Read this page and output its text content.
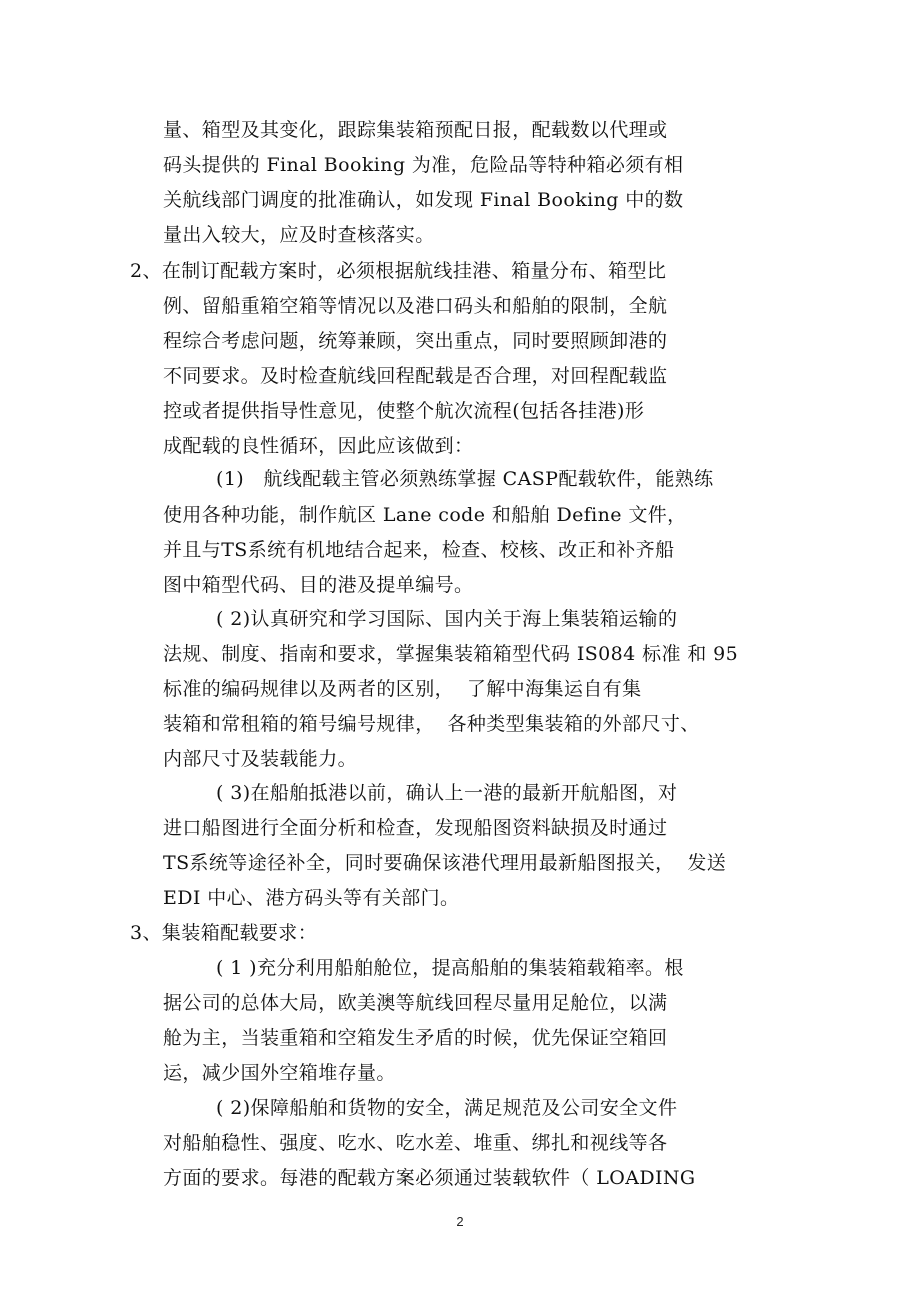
量、箱型及其变化，跟踪集装箱预配日报，配载数以代理或

码头提供的 Final Booking 为准，危险品等特种箱必须有相

关航线部门调度的批准确认，如发现 Final Booking 中的数

量出入较大，应及时查核落实。

2、在制订配载方案时，必须根据航线挂港、箱量分布、箱型比

例、留船重箱空箱等情况以及港口码头和船舶的限制，全航

程综合考虑问题，统筹兼顾，突出重点，同时要照顾卸港的

不同要求。及时检查航线回程配载是否合理，对回程配载监

控或者提供指导性意见，使整个航次流程(包括各挂港)形

成配载的良性循环，因此应该做到：

(1)   航线配载主管必须熟练掌握 CASP配载软件，能熟练

使用各种功能，制作航区 Lane code 和船舶 Define 文件，

并且与TS系统有机地结合起来，检查、校核、改正和补齐船

图中箱型代码、目的港及提单编号。

( 2)认真研究和学习国际、国内关于海上集装箱运输的

法规、制度、指南和要求，掌握集装箱箱型代码 IS084 标准 和 95

标准的编码规律以及两者的区别，  了解中海集运自有集

装箱和常租箱的箱号编号规律，  各种类型集装箱的外部尺寸、

内部尺寸及装载能力。

( 3)在船舶抵港以前，确认上一港的最新开航船图，对

进口船图进行全面分析和检查，发现船图资料缺损及时通过

TS系统等途径补全，同时要确保该港代理用最新船图报关，  发送

EDI 中心、港方码头等有关部门。

3、集装箱配载要求：

( 1 )充分利用船舶舱位，提高船舶的集装箱载箱率。根

据公司的总体大局，欧美澳等航线回程尽量用足舱位，以满

舱为主，当装重箱和空箱发生矛盾的时候，优先保证空箱回

运，减少国外空箱堆存量。

( 2)保障船舶和货物的安全，满足规范及公司安全文件

对船舶稳性、强度、吃水、吃水差、堆重、绑扎和视线等各

方面的要求。每港的配载方案必须通过装载软件（ LOADING

2
